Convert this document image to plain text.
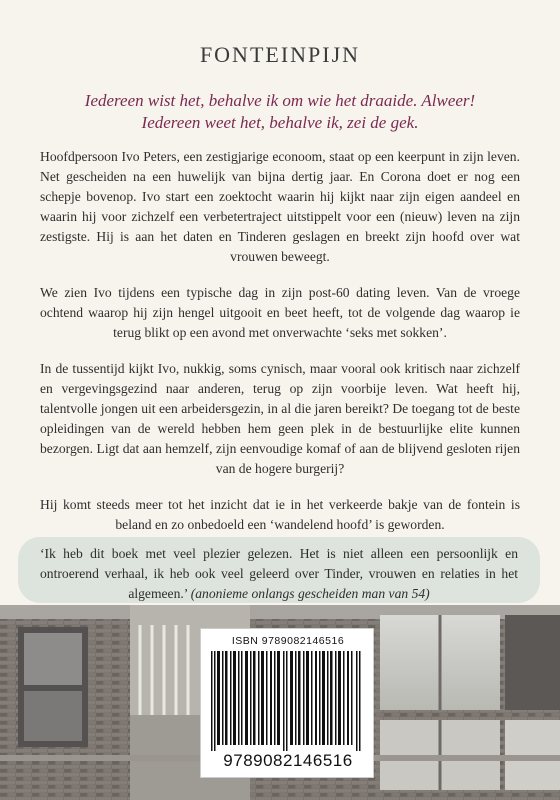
FONTEINPIJN
Iedereen wist het, behalve ik om wie het draaide. Alweer!
Iedereen weet het, behalve ik, zei de gek.

Hoofdpersoon Ivo Peters, een zestigjarige econoom, staat op een keerpunt in zijn leven. Net gescheiden na een huwelijk van bijna dertig jaar. En Corona doet er nog een schepje bovenop. Ivo start een zoektocht waarin hij kijkt naar zijn eigen aandeel en waarin hij voor zichzelf een verbetertraject uitstippelt voor een (nieuw) leven na zijn zestigste. Hij is aan het daten en Tinderen geslagen en breekt zijn hoofd over wat vrouwen beweegt.

We zien Ivo tijdens een typische dag in zijn post-60 dating leven. Van de vroege ochtend waarop hij zijn hengel uitgooit en beet heeft, tot de volgende dag waarop ie terug blikt op een avond met onverwachte ‘seks met sokken’.

In de tussentijd kijkt Ivo, nukkig, soms cynisch, maar vooral ook kritisch naar zichzelf en vergevingsgezind naar anderen, terug op zijn voorbije leven. Wat heeft hij, talentvolle jongen uit een arbeidersgezin, in al die jaren bereikt? De toegang tot de beste opleidingen van de wereld hebben hem geen plek in de bestuurlijke elite kunnen bezorgen. Ligt dat aan hemzelf, zijn eenvoudige komaf of aan de blijvend gesloten rijen van de hogere burgerij?

Hij komt steeds meer tot het inzicht dat ie in het verkeerde bakje van de fontein is beland en zo onbedoeld een ‘wandelend hoofd’ is geworden.

‘Ik heb dit boek met veel plezier gelezen. Het is niet alleen een persoonlijk en ontroerend verhaal, ik heb ook veel geleerd over Tinder, vrouwen en relaties in het algemeen.’ (anonieme onlangs gescheiden man van 54)
ISBN 9789082146516
9789082146516
